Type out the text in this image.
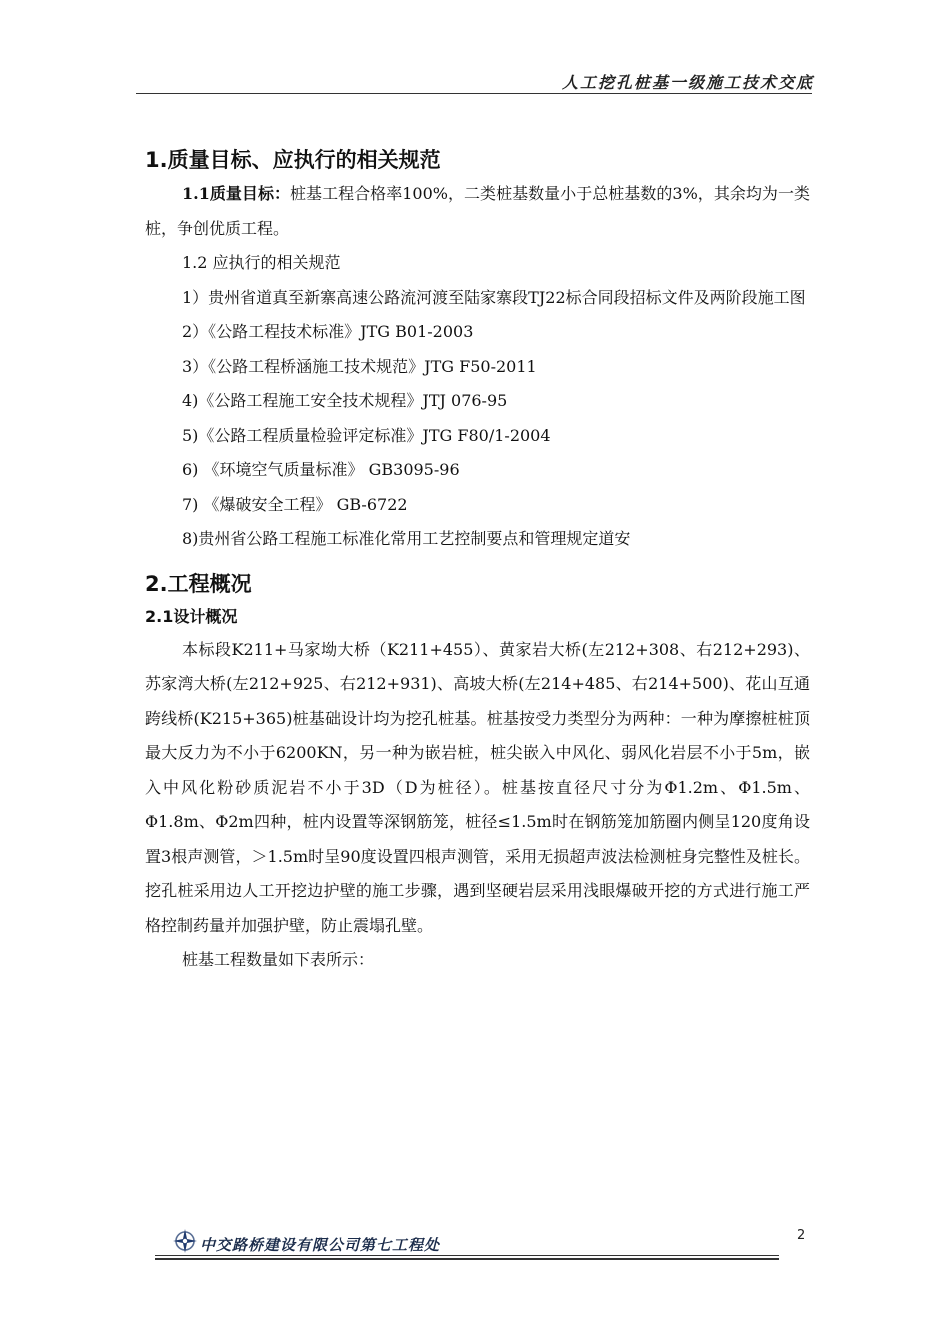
人工挖孔桩基一级施工技术交底
1.质量目标、应执行的相关规范
1.1质量目标：桩基工程合格率100%，二类桩基数量小于总桩基数的3%，其余均为一类桩，争创优质工程。
1.2 应执行的相关规范
1）贵州省道真至新寨高速公路流河渡至陆家寨段TJ22标合同段招标文件及两阶段施工图
2）《公路工程技术标准》JTG B01-2003
3）《公路工程桥涵施工技术规范》JTG F50-2011
4)《公路工程施工安全技术规程》JTJ 076-95
5)《公路工程质量检验评定标准》JTG F80/1-2004
6) 《环境空气质量标准》 GB3095-96
7) 《爆破安全工程》 GB-6722
8)贵州省公路工程施工标准化常用工艺控制要点和管理规定道安
2.工程概况
2.1设计概况
本标段K211+马家坳大桥（K211+455）、黄家岩大桥(左212+308、右212+293)、苏家湾大桥(左212+925、右212+931)、高坡大桥(左214+485、右214+500)、花山互通跨线桥(K215+365)桩基础设计均为挖孔桩基。桩基按受力类型分为两种：一种为摩擦桩桩顶最大反力为不小于6200KN，另一种为嵌岩桩，桩尖嵌入中风化、弱风化岩层不小于5m，嵌入中风化粉砂质泥岩不小于3D（D为桩径）。桩基按直径尺寸分为Φ1.2m、Φ1.5m、Φ1.8m、Φ2m四种，桩内设置等深钢筋笼，桩径≤1.5m时在钢筋笼加筋圈内侧呈120度角设置3根声测管，＞1.5m时呈90度设置四根声测管，采用无损超声波法检测桩身完整性及桩长。挖孔桩采用边人工开挖边护壁的施工步骤，遇到坚硬岩层采用浅眼爆破开挖的方式进行施工严格控制药量并加强护壁，防止震塌孔壁。
桩基工程数量如下表所示：
2
中交路桥建设有限公司第七工程处
